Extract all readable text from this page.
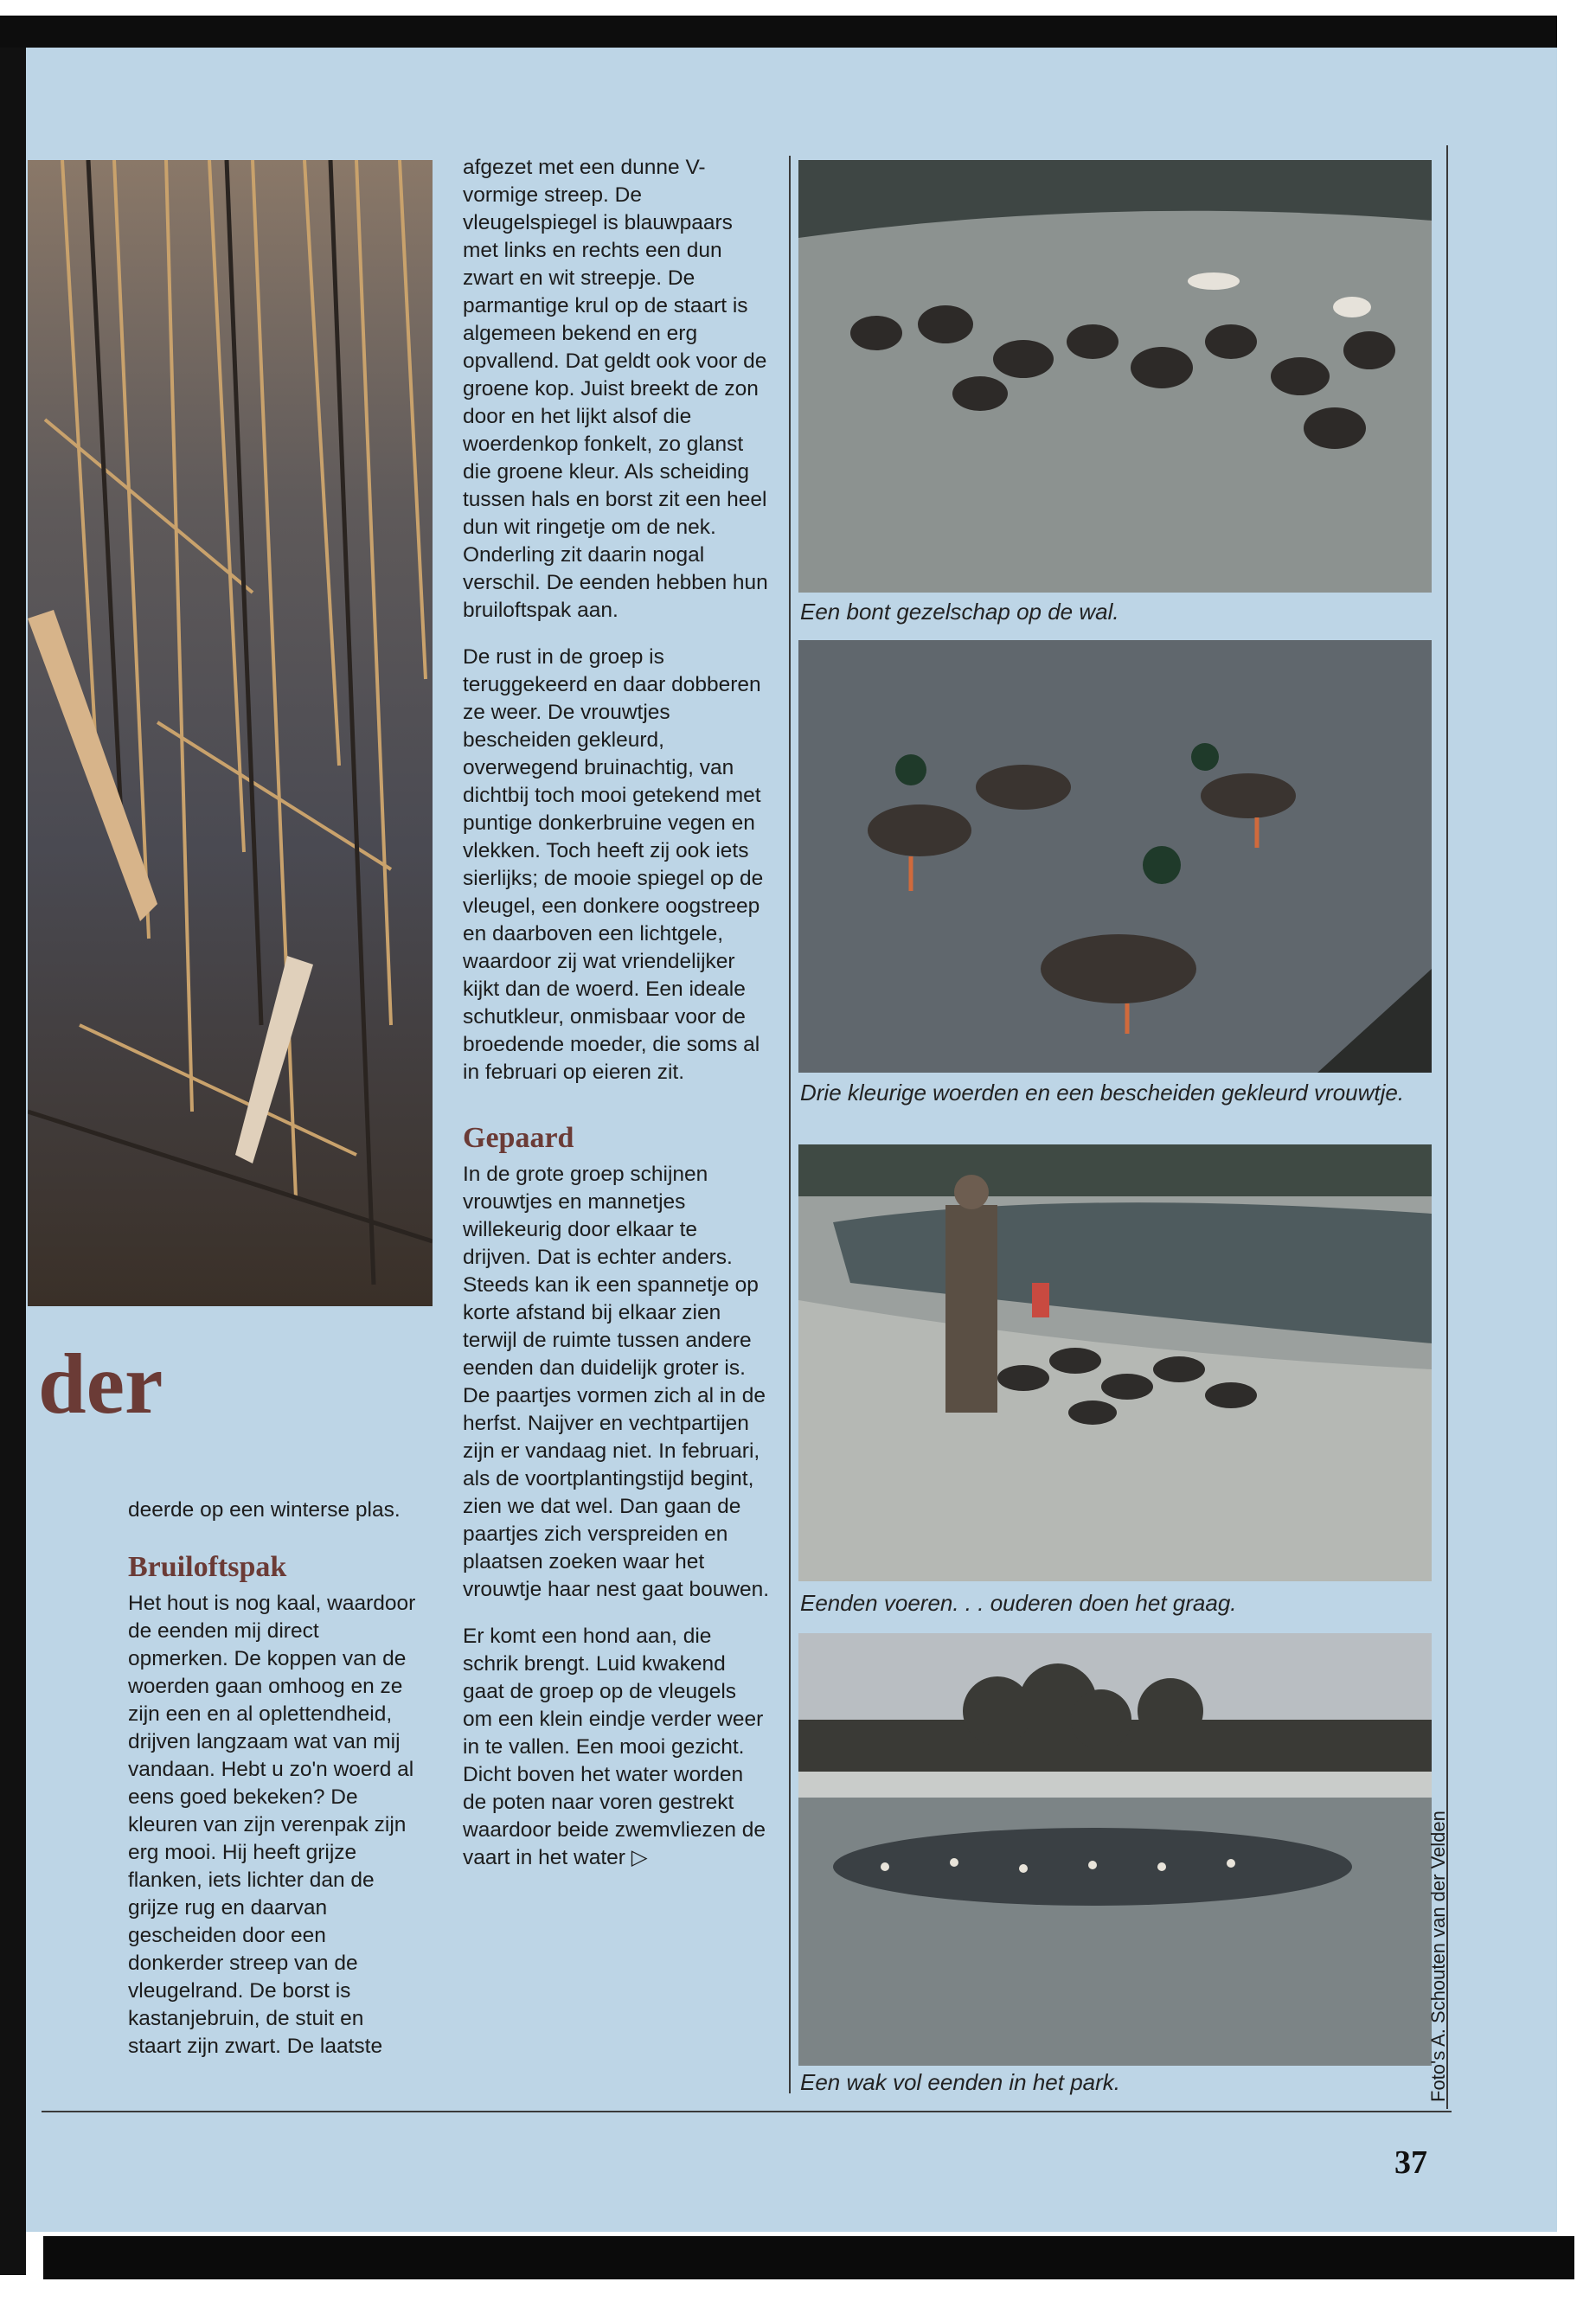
der

deerde op een winterse plas.

Bruiloftspak

Het hout is nog kaal, waardoor de eenden mij direct opmerken. De koppen van de woerden gaan omhoog en ze zijn een en al oplettendheid, drijven langzaam wat van mij vandaan. Hebt u zo'n woerd al eens goed bekeken? De kleuren van zijn verenpak zijn erg mooi. Hij heeft grijze flanken, iets lichter dan de grijze rug en daarvan gescheiden door een donkerder streep van de vleugelrand. De borst is kastanjebruin, de stuit en staart zijn zwart. De laatste

afgezet met een dunne V-vormige streep. De vleugelspiegel is blauwpaars met links en rechts een dun zwart en wit streepje. De parmantige krul op de staart is algemeen bekend en erg opvallend. Dat geldt ook voor de groene kop. Juist breekt de zon door en het lijkt alsof die woerdenkop fonkelt, zo glanst die groene kleur. Als scheiding tussen hals en borst zit een heel dun wit ringetje om de nek. Onderling zit daarin nogal verschil. De eenden hebben hun bruiloftspak aan.

De rust in de groep is teruggekeerd en daar dobberen ze weer. De vrouwtjes bescheiden gekleurd, overwegend bruinachtig, van dichtbij toch mooi getekend met puntige donkerbruine vegen en vlekken. Toch heeft zij ook iets sierlijks; de mooie spiegel op de vleugel, een donkere oogstreep en daarboven een lichtgele, waardoor zij wat vriendelijker kijkt dan de woerd. Een ideale schutkleur, onmisbaar voor de broedende moeder, die soms al in februari op eieren zit.

Gepaard

In de grote groep schijnen vrouwtjes en mannetjes willekeurig door elkaar te drijven. Dat is echter anders. Steeds kan ik een spannetje op korte afstand bij elkaar zien terwijl de ruimte tussen andere eenden dan duidelijk groter is. De paartjes vormen zich al in de herfst. Naijver en vechtpartijen zijn er vandaag niet. In februari, als de voortplantingstijd begint, zien we dat wel. Dan gaan de paartjes zich verspreiden en plaatsen zoeken waar het vrouwtje haar nest gaat bouwen.

Er komt een hond aan, die schrik brengt. Luid kwakend gaat de groep op de vleugels om een klein eindje verder weer in te vallen. Een mooi gezicht. Dicht boven het water worden de poten naar voren gestrekt waardoor beide zwemvliezen de vaart in het water ▷

Een bont gezelschap op de wal.
Drie kleurige woerden en een bescheiden gekleurd vrouwtje.
Eenden voeren. . . ouderen doen het graag.
Een wak vol eenden in het park.	Foto's A. Schouten van der Velden
37
